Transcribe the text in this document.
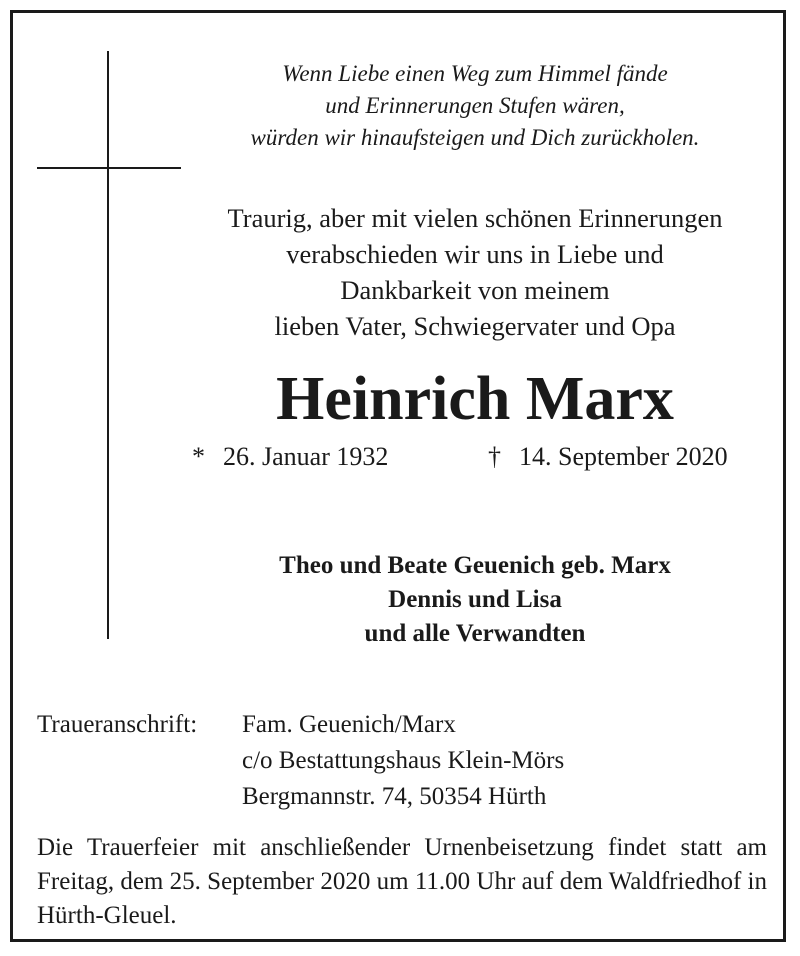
Wenn Liebe einen Weg zum Himmel fände
und Erinnerungen Stufen wären,
würden wir hinaufsteigen und Dich zurückholen.
Traurig, aber mit vielen schönen Erinnerungen
verabschieden wir uns in Liebe und
Dankbarkeit von meinem
lieben Vater, Schwiegervater und Opa
Heinrich Marx
* 26. Januar 1932	† 14. September 2020
Theo und Beate Geuenich geb. Marx
Dennis und Lisa
und alle Verwandten
Traueranschrift: Fam. Geuenich/Marx
c/o Bestattungshaus Klein-Mörs
Bergmannstr. 74, 50354 Hürth
Die Trauerfeier mit anschließender Urnenbeisetzung findet statt am Freitag, dem 25. September 2020 um 11.00 Uhr auf dem Waldfriedhof in Hürth-Gleuel.
